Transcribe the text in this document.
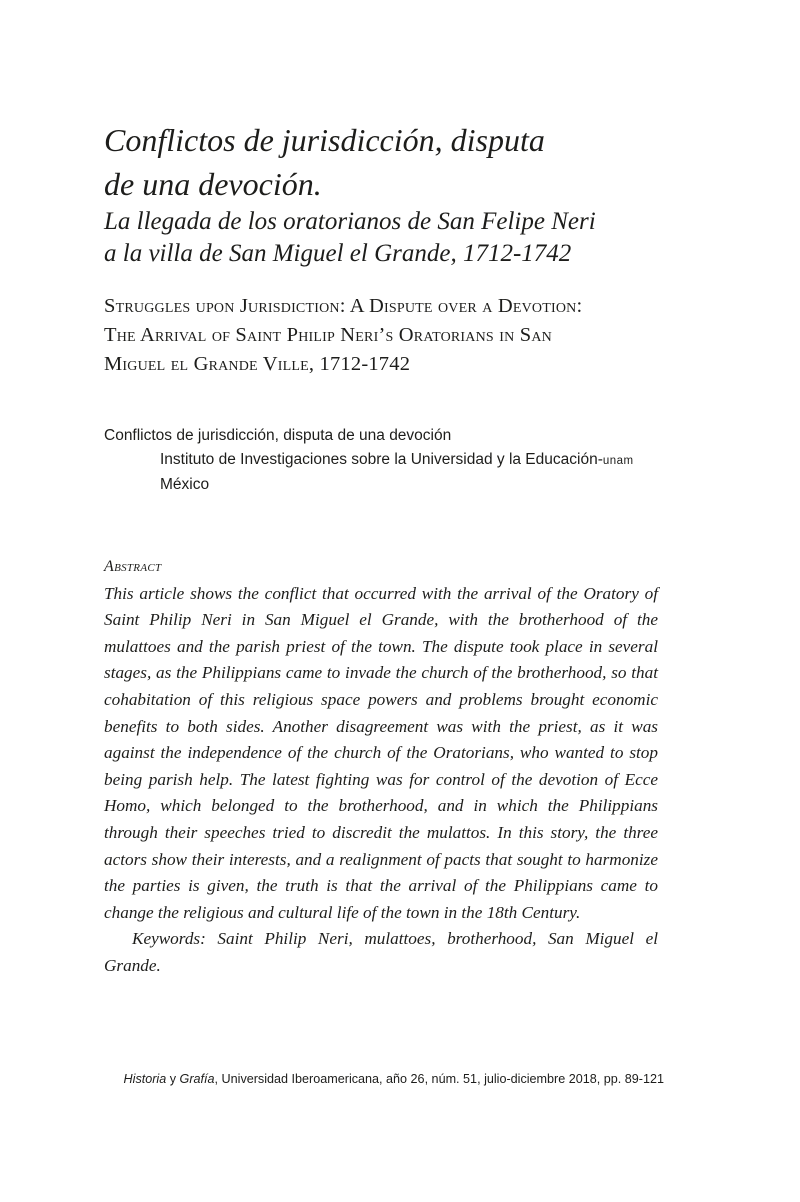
Conflictos de jurisdicción, disputa
de una devoción.
La llegada de los oratorianos de San Felipe Neri
a la villa de San Miguel el Grande, 1712-1742
Struggles upon Jurisdiction: A Dispute over a Devotion:
The Arrival of Saint Philip Neri’s Oratorians in San
Miguel el Grande Ville, 1712-1742
Conflictos de jurisdicción, disputa de una devoción
Instituto de Investigaciones sobre la Universidad y la Educación-unam
México

Abstract

This article shows the conflict that occurred with the arrival of the Oratory of Saint Philip Neri in San Miguel el Grande, with the brotherhood of the mulattoes and the parish priest of the town. The dispute took place in several stages, as the Philippians came to invade the church of the brotherhood, so that cohabitation of this religious space powers and problems brought economic benefits to both sides. Another disagreement was with the priest, as it was against the independence of the church of the Oratorians, who wanted to stop being parish help. The latest fighting was for control of the devotion of Ecce Homo, which belonged to the brotherhood, and in which the Philippians through their speeches tried to discredit the mulattos. In this story, the three actors show their interests, and a realignment of pacts that sought to harmonize the parties is given, the truth is that the arrival of the Philippians came to change the religious and cultural life of the town in the 18th Century.

Keywords: Saint Philip Neri, mulattoes, brotherhood, San Miguel el Grande.

Historia y Grafía, Universidad Iberoamericana, año 26, núm. 51, julio-diciembre 2018, pp. 89-121
